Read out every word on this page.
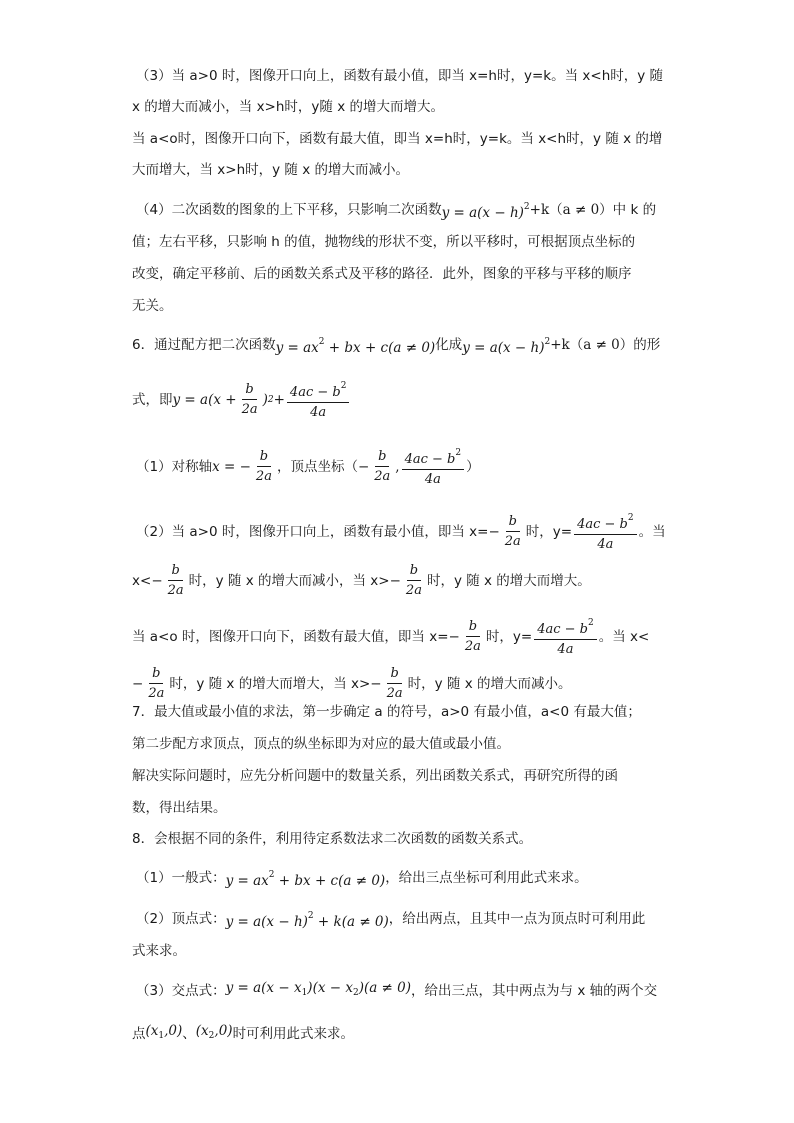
（3）当 a>0 时，图像开口向上，函数有最小值，即当 x=h时，y=k。当 x<h时，y 随
x 的增大而减小，当 x>h时，y随 x 的增大而增大。
当 a<o时，图像开口向下，函数有最大值，即当 x=h时，y=k。当 x<h时，y 随 x 的增
大而增大，当 x>h时，y 随 x 的增大而减小。
（4）二次函数的图象的上下平移，只影响二次函数 $y = a(x - h)^2 +k(a \ne 0)$ 中 k 的
值；左右平移，只影响 h 的值，抛物线的形状不变，所以平移时，可根据顶点坐标的
改变，确定平移前、后的函数关系式及平移的路径．此外，图象的平移与平移的顺序
无关。
6．通过配方把二次函数 $y = ax^2$ + bx + c(a ≠ 0) 化成 $y = a(x - h)^2 +k(a \ne 0)$ 的形
式，即 $y = a(x + \frac{b}{2a}$ ) $2 + \frac{4ac - b^2}{4a}$
（1）对称轴 x = − $\frac{b}{2a}$ ，顶点坐标（ − $\frac{b}{2a}$ , $\frac{4ac - b^2}{4a}$ ）
（2）当 a>0 时，图像开口向上，函数有最小值，即当 $x= - \frac{b}{2a}$ 时，$y= \frac{4ac - b^2}{4a}$ 。当
$x< - \frac{b}{2a}$ 时，y 随 x 的增大而减小，当 $x> - \frac{b}{2a}$ 时，y 随 x 的增大而增大。
当 a<o 时，图像开口向下，函数有最大值，即当 $x= - \frac{b}{2a}$ 时，$y= \frac{4ac - b^2}{4a}$ 。当 x<
− $\frac{b}{2a}$ 时，y 随 x 的增大而增大，当 $x> - \frac{b}{2a}$ 时，y 随 x 的增大而减小。
7．最大值或最小值的求法，第一步确定 a 的符号，a>0 有最小值，a<0 有最大值；
第二步配方求顶点，顶点的纵坐标即为对应的最大值或最小值。
解决实际问题时，应先分析问题中的数量关系，列出函数关系式，再研究所得的函
数，得出结果。
8．会根据不同的条件，利用待定系数法求二次函数的函数关系式。
（1）一般式： $y = ax^2$ + bx + c(a ≠ 0) ，给出三点坐标可利用此式来求。
（2）顶点式： $y = a(x - h)^2 + k(a \ne 0)$ ，给出两点，且其中一点为顶点时可利用此
式来求。
（3）交点式： $y = a(x - x_1)(x - x_2)(a \ne 0)$ ，给出三点，其中两点为与 x 轴的两个交
点 $(x_1,0)$ 、 $(x_2,0)$ 时可利用此式来求。
